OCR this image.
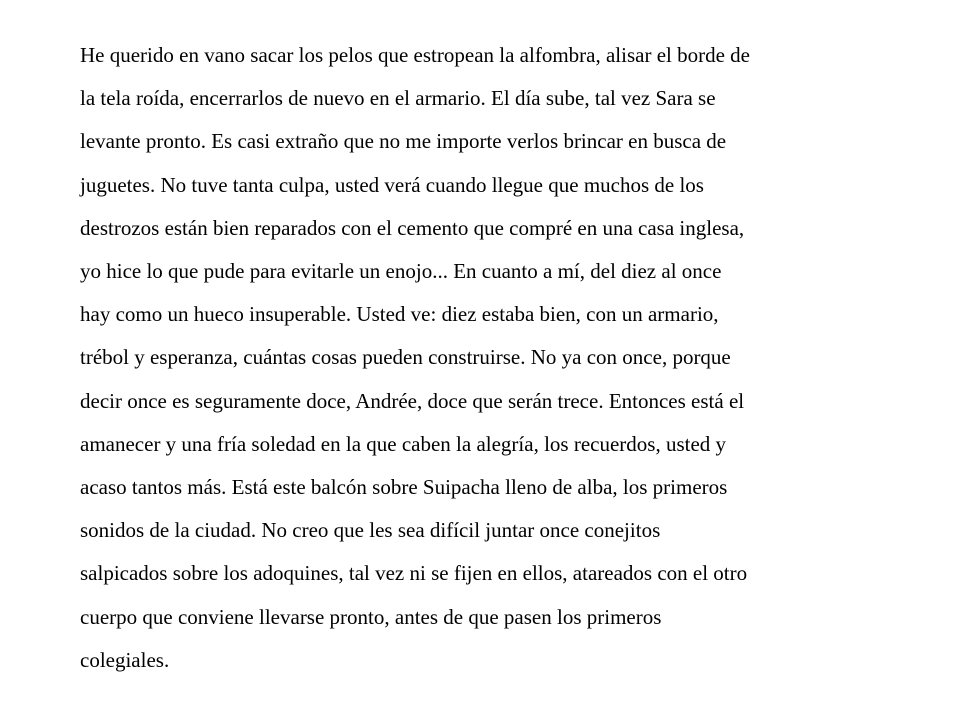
He querido en vano sacar los pelos que estropean la alfombra, alisar el borde de
la tela roída, encerrarlos de nuevo en el armario. El día sube, tal vez Sara se
levante pronto. Es casi extraño que no me importe verlos brincar en busca de
juguetes. No tuve tanta culpa, usted verá cuando llegue que muchos de los
destrozos están bien reparados con el cemento que compré en una casa inglesa,
yo hice lo que pude para evitarle un enojo... En cuanto a mí, del diez al once
hay como un hueco insuperable. Usted ve: diez estaba bien, con un armario,
trébol y esperanza, cuántas cosas pueden construirse. No ya con once, porque
decir once es seguramente doce, Andrée, doce que serán trece. Entonces está el
amanecer y una fría soledad en la que caben la alegría, los recuerdos, usted y
acaso tantos más. Está este balcón sobre Suipacha lleno de alba, los primeros
sonidos de la ciudad. No creo que les sea difícil juntar once conejitos
salpicados sobre los adoquines, tal vez ni se fijen en ellos, atareados con el otro
cuerpo que conviene llevarse pronto, antes de que pasen los primeros
colegiales.
